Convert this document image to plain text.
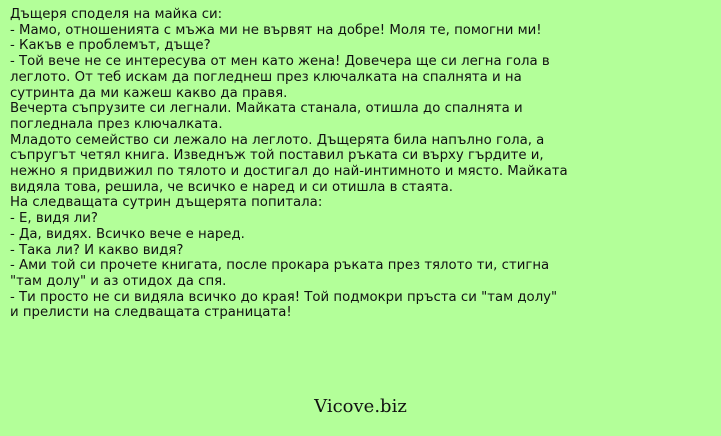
Дъщеря споделя на майка си:
- Мамо, отношенията с мъжа ми не вървят на добре! Моля те, помогни ми!
- Какъв е проблемът, дъще?
- Той вече не се интересува от мен като жена! Довечера ще си легна гола в
леглото. От теб искам да погледнеш през ключалката на спалнята и на
сутринта да ми кажеш какво да правя.
Вечерта съпрузите си легнали. Майката станала, отишла до спалнята и
погледнала през ключалката.
Младото семейство си лежало на леглото. Дъщерята била напълно гола, а
съпругът четял книга. Изведнъж той поставил ръката си върху гърдите и,
нежно я придвижил по тялото и достигал до най-интимното и място. Майката
видяла това, решила, че всичко е наред и си отишла в стаята.
На следващата сутрин дъщерята попитала:
- Е, видя ли?
- Да, видях. Всичко вече е наред.
- Така ли? И какво видя?
- Ами той си прочете книгата, после прокара ръката през тялото ти, стигна
"там долу" и аз отидох да спя.
- Ти просто не си видяла всичко до края! Той подмокри пръста си "там долу"
и прелисти на следващата страницата!
Vicove.biz
